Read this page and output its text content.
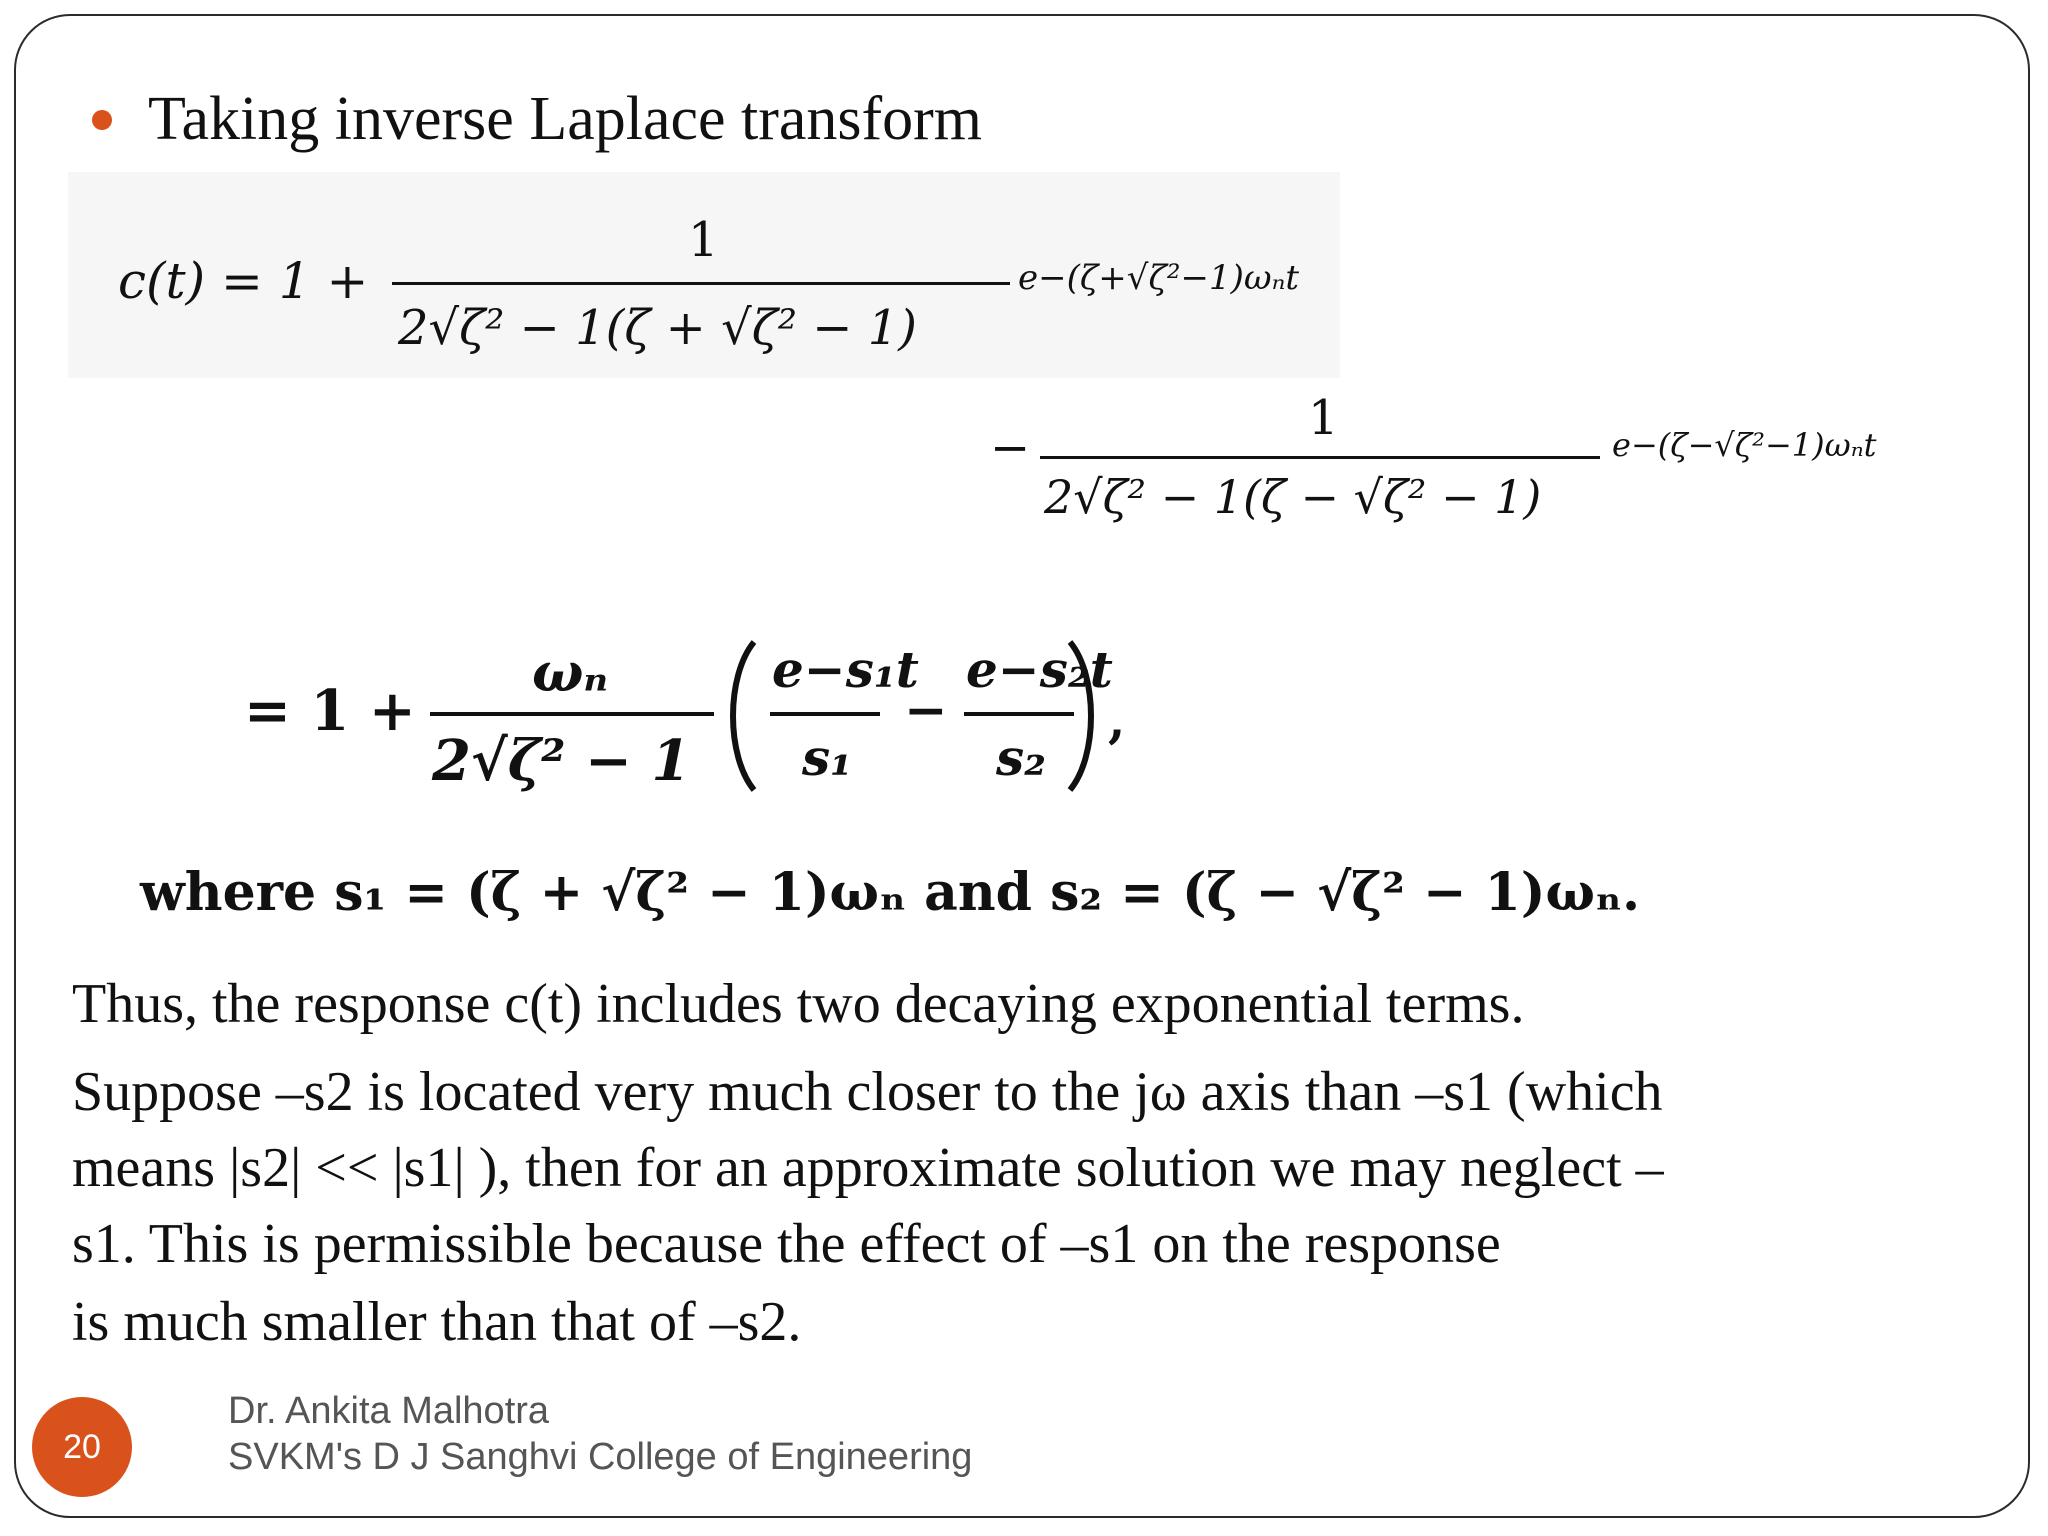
Taking inverse Laplace transform
c(t) = 1 +
1
2√ζ² − 1(ζ + √ζ² − 1)
e−(ζ+√ζ²−1)ωₙt
−
1
2√ζ² − 1(ζ − √ζ² − 1)
e−(ζ−√ζ²−1)ωₙt
= 1 +
ωₙ
2√ζ² − 1
e−s₁t
s₁
−
e−s₂t
s₂
,
where s₁ = (ζ + √ζ² − 1)ωₙ and s₂ = (ζ − √ζ² − 1)ωₙ.
Thus, the response c(t) includes two decaying exponential terms.
Suppose –s2 is located very much closer to the jω axis than –s1 (which
means |s2| << |s1| ), then for an approximate solution we may neglect –
s1. This is permissible because the effect of –s1 on the response
is much smaller than that of –s2.
20
Dr. Ankita Malhotra
SVKM's D J Sanghvi College of Engineering
